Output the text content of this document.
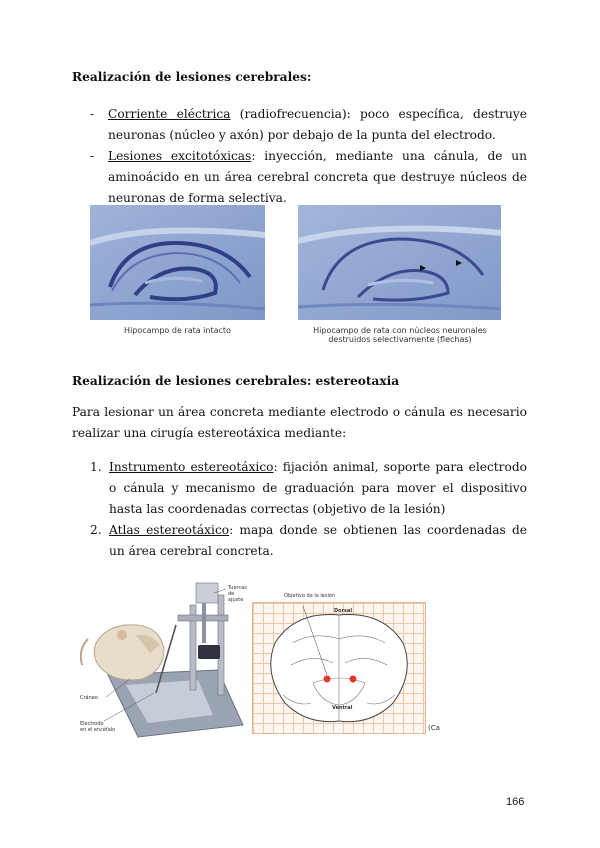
Realización de lesiones cerebrales:
-	Corriente eléctrica (radiofrecuencia): poco específica, destruye neuronas (núcleo y axón) por debajo de la punta del electrodo.
-	Lesiones excitotóxicas: inyección, mediante una cánula, de un aminoácido en un área cerebral concreta que destruye núcleos de neuronas de forma selectiva.
Hipocampo de rata intacto	Hipocampo de rata con núcleos neuronales
destruidos selectivamente (flechas)
Realización de lesiones cerebrales: estereotaxia
Para lesionar un área concreta mediante electrodo o cánula es necesario realizar una cirugía estereotáxica mediante:
1. Instrumento estereotáxico: fijación animal, soporte para electrodo o cánula y mecanismo de graduación para mover el dispositivo hasta las coordenadas correctas (objetivo de la lesión)
2. Atlas estereotáxico: mapa donde se obtienen las coordenadas de un área cerebral concreta.
Tuercas
de ajuste
Cráneo
Electrodo
en el encéfalo
Objetivo de la lesión
Dorsal
Ventral
(Ca
166
